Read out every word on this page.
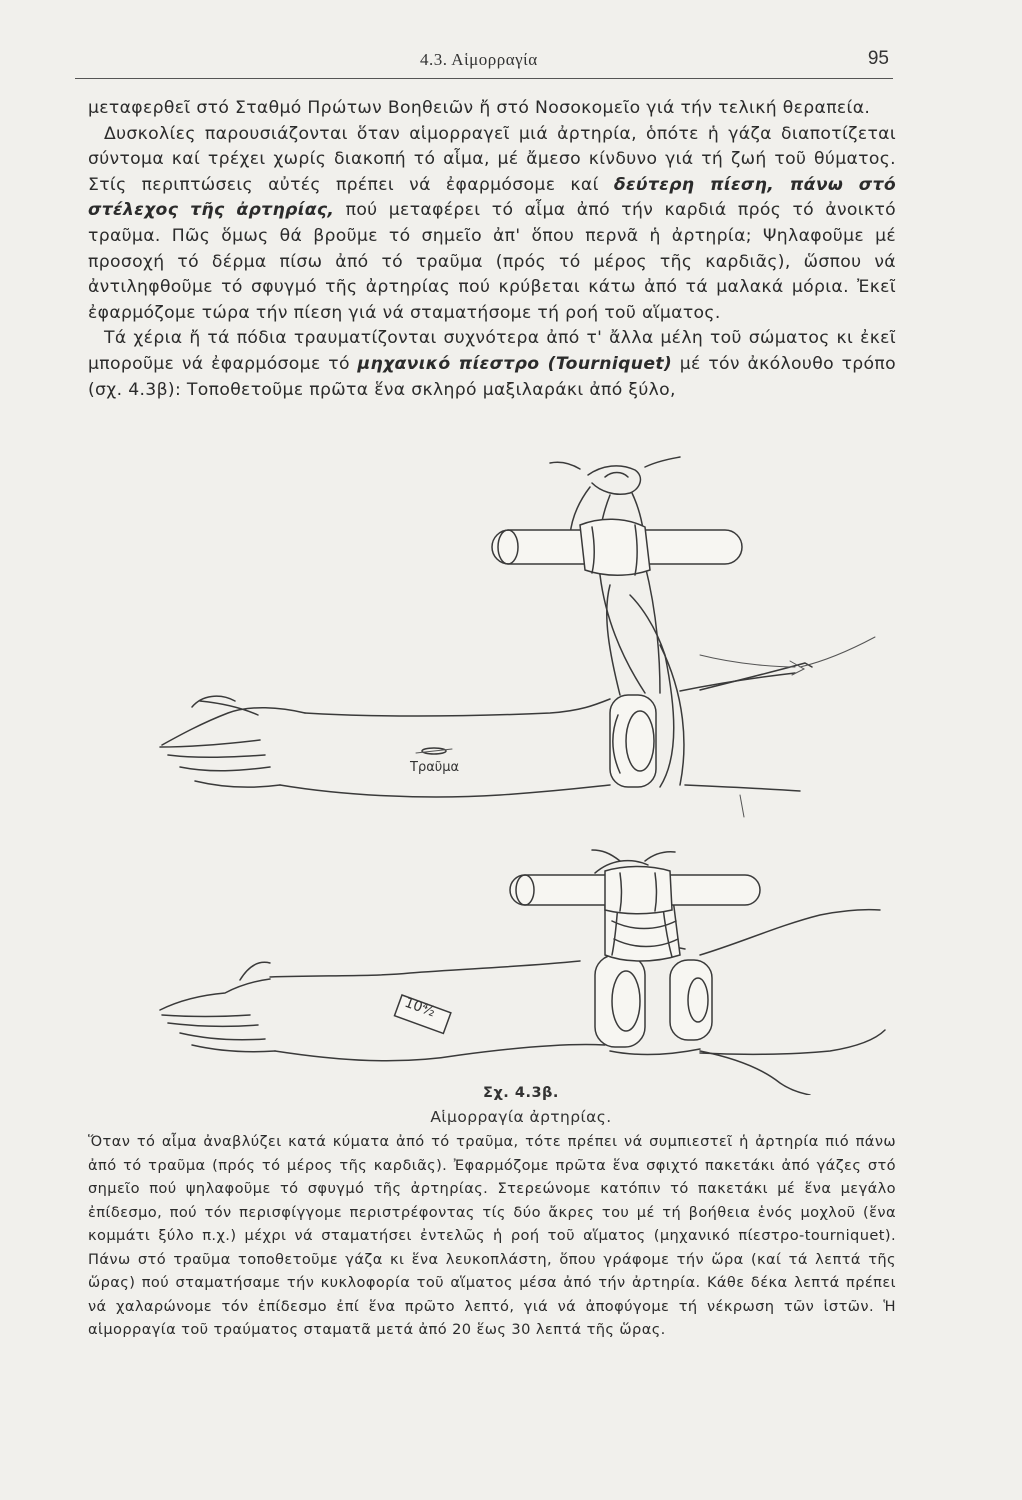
4.3. Αἱμορραγία	95

μεταφερθεῖ στό Σταθμό Πρώτων Βοηθειῶν ἤ στό Νοσοκομεῖο γιά τήν τελική θεραπεία.

Δυσκολίες παρουσιάζονται ὅταν αἱμορραγεῖ μιά ἀρτηρία, ὁπότε ἡ γάζα διαποτίζεται σύντομα καί τρέχει χωρίς διακοπή τό αἷμα, μέ ἄμεσο κίνδυνο γιά τή ζωή τοῦ θύματος. Στίς περιπτώσεις αὐτές πρέπει νά ἐφαρμόσομε καί δεύτερη πίεση, πάνω στό στέλεχος τῆς ἀρτηρίας, πού μεταφέρει τό αἷμα ἀπό τήν καρδιά πρός τό ἀνοικτό τραῦμα. Πῶς ὅμως θά βροῦμε τό σημεῖο ἀπ' ὅπου περνᾶ ἡ ἀρτηρία; Ψηλαφοῦμε μέ προσοχή τό δέρμα πίσω ἀπό τό τραῦμα (πρός τό μέρος τῆς καρδιᾶς), ὥσπου νά ἀντιληφθοῦμε τό σφυγμό τῆς ἀρτηρίας πού κρύβεται κάτω ἀπό τά μαλακά μόρια. Ἐκεῖ ἐφαρμόζομε τώρα τήν πίεση γιά νά σταματήσομε τή ροή τοῦ αἵματος.

Τά χέρια ἤ τά πόδια τραυματίζονται συχνότερα ἀπό τ' ἄλλα μέλη τοῦ σώματος κι ἐκεῖ μποροῦμε νά ἐφαρμόσομε τό μηχανικό πίεστρο (Tourniquet) μέ τόν ἀκόλουθο τρόπο (σχ. 4.3β): Τοποθετοῦμε πρῶτα ἕνα σκληρό μαξιλαράκι ἀπό ξύλο,

10⁴⁄₂
Τραῦμα
Σχ. 4.3β.
Αἱμορραγία ἀρτηρίας.

Ὅταν τό αἷμα ἀναβλύζει κατά κύματα ἀπό τό τραῦμα, τότε πρέπει νά συμπιεστεῖ ἡ ἀρτηρία πιό πάνω ἀπό τό τραῦμα (πρός τό μέρος τῆς καρδιᾶς). Ἐφαρμόζομε πρῶτα ἕνα σφιχτό πακετάκι ἀπό γάζες στό σημεῖο πού ψηλαφοῦμε τό σφυγμό τῆς ἀρτηρίας. Στερεώνομε κατόπιν τό πακετάκι μέ ἕνα μεγάλο ἐπίδεσμο, πού τόν περισφίγγομε περιστρέφοντας τίς δύο ἄκρες του μέ τή βοήθεια ἑνός μοχλοῦ (ἕνα κομμάτι ξύλο π.χ.) μέχρι νά σταματήσει ἐντελῶς ἡ ροή τοῦ αἵματος (μηχανικό πίεστρο-tourniquet). Πάνω στό τραῦμα τοποθετοῦμε γάζα κι ἕνα λευκοπλάστη, ὅπου γράφομε τήν ὥρα (καί τά λεπτά τῆς ὥρας) πού σταματήσαμε τήν κυκλοφορία τοῦ αἵματος μέσα ἀπό τήν ἀρτηρία. Κάθε δέκα λεπτά πρέπει νά χαλαρώνομε τόν ἐπίδεσμο ἐπί ἕνα πρῶτο λεπτό, γιά νά ἀποφύγομε τή νέκρωση τῶν ἱστῶν. Ἡ αἱμορραγία τοῦ τραύματος σταματᾶ μετά ἀπό 20 ἕως 30 λεπτά τῆς ὥρας.
